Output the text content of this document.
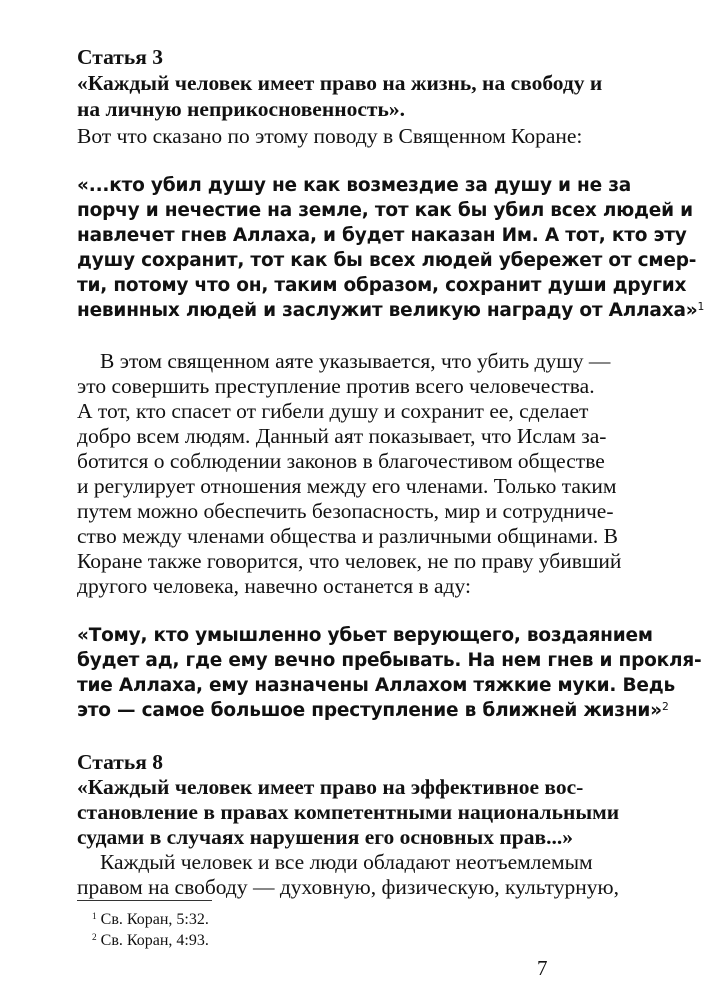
Статья 3
«Каждый человек имеет право на жизнь, на свободу и
на личную неприкосновенность».
Вот что сказано по этому поводу в Священном Коране:
«...кто убил душу не как возмездие за душу и не за
порчу и нечестие на земле, тот как бы убил всех людей и
навлечет гнев Аллаха, и будет наказан Им. А тот, кто эту
душу сохранит, тот как бы всех людей убережет от смер-
ти, потому что он, таким образом, сохранит души других
невинных людей и заслужит великую награду от Аллаха»$^1$
В этом священном аяте указывается, что убить душу —
это совершить преступление против всего человечества.
А тот, кто спасет от гибели душу и сохранит ее, сделает
добро всем людям. Данный аят показывает, что Ислам за-
ботится о соблюдении законов в благочестивом обществе
и регулирует отношения между его членами. Только таким
путем можно обеспечить безопасность, мир и сотрудниче-
ство между членами общества и различными общинами. В
Коране также говорится, что человек, не по праву убивший
другого человека, навечно останется в аду:
«Тому, кто умышленно убьет верующего, воздаянием
будет ад, где ему вечно пребывать. На нем гнев и прокля-
тие Аллаха, ему назначены Аллахом тяжкие муки. Ведь
это — самое большое преступление в ближней жизни»$^2$
Статья 8
«Каждый человек имеет право на эффективное вос-
становление в правах компетентными национальными
судами в случаях нарушения его основных прав...»
Каждый человек и все люди обладают неотъемлемым
правом на свободу — духовную, физическую, культурную,
$^1$ Св. Коран, 5:32.
$^2$ Св. Коран, 4:93.
7
